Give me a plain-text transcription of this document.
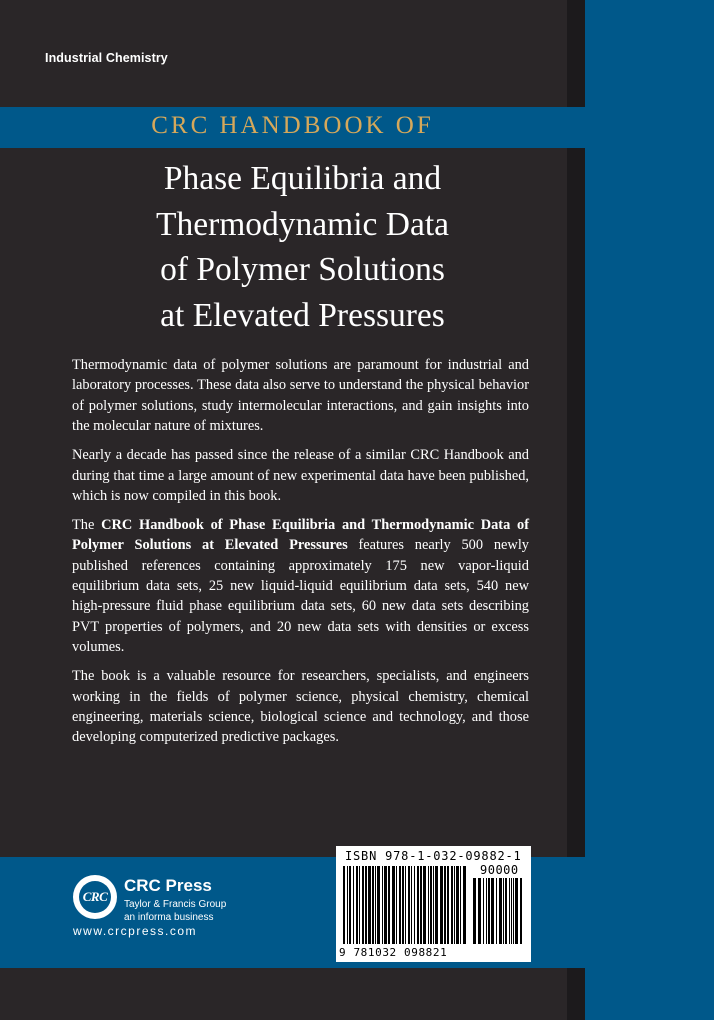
Industrial Chemistry
CRC HANDBOOK OF
Phase Equilibria and
Thermodynamic Data
of Polymer Solutions
at Elevated Pressures

Thermodynamic data of polymer solutions are paramount for industrial and laboratory processes. These data also serve to understand the physical behavior of polymer solutions, study intermolecular interactions, and gain insights into the molecular nature of mixtures.

Nearly a decade has passed since the release of a similar CRC Handbook and during that time a large amount of new experimental data have been published, which is now compiled in this book.

The CRC Handbook of Phase Equilibria and Thermodynamic Data of Polymer Solutions at Elevated Pressures features nearly 500 newly published references containing approximately 175 new vapor-liquid equilibrium data sets, 25 new liquid-liquid equilibrium data sets, 540 new high-pressure fluid phase equilibrium data sets, 60 new data sets describing PVT properties of polymers, and 20 new data sets with densities or excess volumes.

The book is a valuable resource for researchers, specialists, and engineers working in the fields of polymer science, physical chemistry, chemical engineering, materials science, biological science and technology, and those developing computerized predictive packages.

CRC
CRC Press
Taylor & Francis Group
an informa business
www.crcpress.com
ISBN 978-1-032-09882-1
90000
9 781032 098821
